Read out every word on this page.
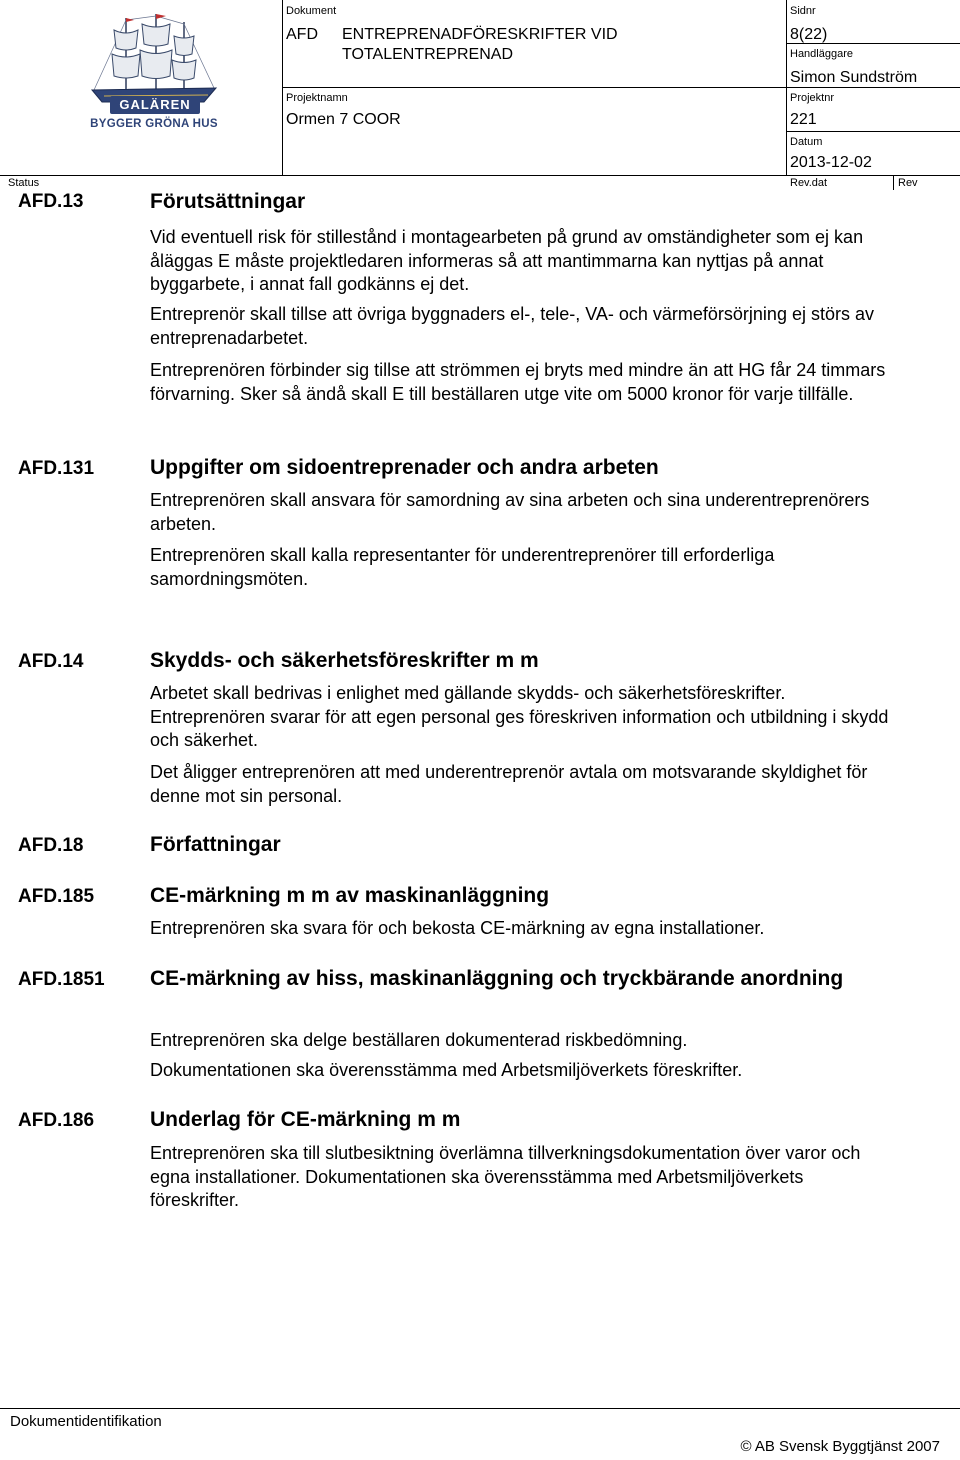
GALÄREN
BYGGER GRÖNA HUS
Dokument
AFD ENTREPRENADFÖRESKRIFTER VID
TOTALENTREPRENAD
Projektnamn
Ormen 7 COOR
Sidnr
8(22)
Handläggare
Simon Sundström
Projektnr
221
Datum
2013-12-02
Status	Rev.dat	Rev
AFD.13	Förutsättningar
Vid eventuell risk för stillestånd i montagearbeten på grund av omständigheter som ej kan åläggas E måste projektledaren informeras så att mantimmarna kan nyttjas på annat byggarbete, i annat fall godkänns ej det.
Entreprenör skall tillse att övriga byggnaders el-, tele-, VA- och värmeförsörjning ej störs av entreprenadarbetet.
Entreprenören förbinder sig tillse att strömmen ej bryts med mindre än att HG får 24 timmars förvarning. Sker så ändå skall E till beställaren utge vite om 5000 kronor för varje tillfälle.
AFD.131	Uppgifter om sidoentreprenader och andra arbeten
Entreprenören skall ansvara för samordning av sina arbeten och sina underentreprenörers arbeten.
Entreprenören skall kalla representanter för underentreprenörer till erforderliga samordningsmöten.
AFD.14	Skydds- och säkerhetsföreskrifter m m
Arbetet skall bedrivas i enlighet med gällande skydds- och säkerhetsföreskrifter. Entreprenören svarar för att egen personal ges föreskriven information och utbildning i skydd och säkerhet.
Det åligger entreprenören att med underentreprenör avtala om motsvarande skyldighet för denne mot sin personal.
AFD.18	Författningar
AFD.185	CE-märkning m m av maskinanläggning
Entreprenören ska svara för och bekosta CE-märkning av egna installationer.
AFD.1851 CE-märkning av hiss, maskinanläggning och tryckbärande anordning
Entreprenören ska delge beställaren dokumenterad riskbedömning.
Dokumentationen ska överensstämma med Arbetsmiljöverkets föreskrifter.
AFD.186	Underlag för CE-märkning m m
Entreprenören ska till slutbesiktning överlämna tillverkningsdokumentation över varor och egna installationer. Dokumentationen ska överensstämma med Arbetsmiljöverkets föreskrifter.
Dokumentidentifikation
© AB Svensk Byggtjänst 2007
